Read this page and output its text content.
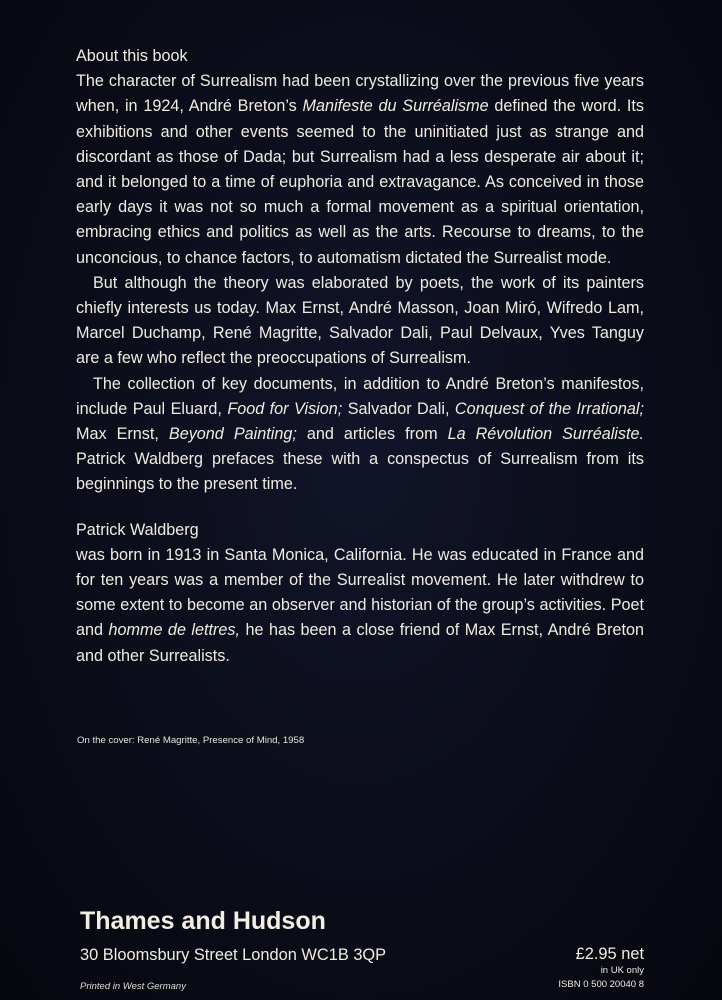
About this book

The character of Surrealism had been crystallizing over the previous five years when, in 1924, André Breton’s Manifeste du Surréalisme defined the word. Its exhibitions and other events seemed to the uninitiated just as strange and discordant as those of Dada; but Surrealism had a less desperate air about it; and it belonged to a time of euphoria and extravagance. As conceived in those early days it was not so much a formal movement as a spiritual orientation, embracing ethics and politics as well as the arts. Recourse to dreams, to the unconcious, to chance factors, to automatism dictated the Surrealist mode.

But although the theory was elaborated by poets, the work of its painters chiefly interests us today. Max Ernst, André Masson, Joan Miró, Wifredo Lam, Marcel Duchamp, René Magritte, Salvador Dali, Paul Delvaux, Yves Tanguy are a few who reflect the preoccupations of Surrealism.

The collection of key documents, in addition to André Breton’s manifestos, include Paul Eluard, Food for Vision; Salvador Dali, Conquest of the Irrational; Max Ernst, Beyond Painting; and articles from La Révolution Surréaliste. Patrick Waldberg prefaces these with a conspectus of Surrealism from its beginnings to the present time.

Patrick Waldberg

was born in 1913 in Santa Monica, California. He was educated in France and for ten years was a member of the Surrealist movement. He later withdrew to some extent to become an observer and historian of the group’s activities. Poet and homme de lettres, he has been a close friend of Max Ernst, André Breton and other Surrealists.

On the cover: René Magritte, Presence of Mind, 1958

Thames and Hudson

30 Bloomsbury Street London WC1B 3QP

Printed in West Germany

£2.95 net

in UK only

ISBN 0 500 20040 8
